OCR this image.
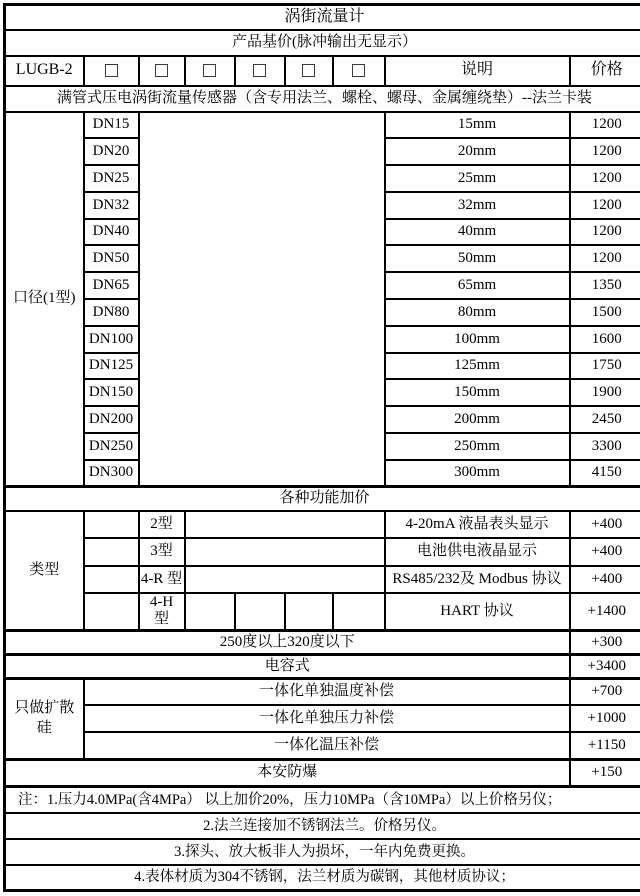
涡街流量计								
产品基价(脉冲输出无显示）								
LUGB-2							说明	价格
满管式压电涡街流量传感器（含专用法兰、螺栓、螺母、金属缠绕垫）--法兰卡装								
口径(1型)	DN15						15mm	1200
	DN20						20mm	1200
	DN25						25mm	1200
	DN32						32mm	1200
	DN40						40mm	1200
	DN50						50mm	1200
	DN65						65mm	1350
	DN80						80mm	1500
	DN100						100mm	1600
	DN125						125mm	1750
	DN150						150mm	1900
	DN200						200mm	2450
	DN250						250mm	3300
	DN300						300mm	4150
各种功能加价								
类型		2型					4-20mA 液晶表头显示	+400
		3型					电池供电液晶显示	+400
		4-R 型					RS485/232及 Modbus 协议	+400
		4-H 型					HART 协议	+1400
250度以上320度以下								+300
电容式								+3400
只做扩散硅	一体化单独温度补偿							+700
	一体化单独压力补偿							+1000
	一体化温压补偿							+1150
本安防爆								+150
注：1.压力4.0MPa(含4MPa） 以上加价20%，压力10MPa（含10MPa）以上价格另仪；								
2.法兰连接加不锈钢法兰。价格另仪。								
3.探头、放大板非人为损坏，一年内免费更换。								
4.表体材质为304不锈钢，法兰材质为碳钢，其他材质协议；								
